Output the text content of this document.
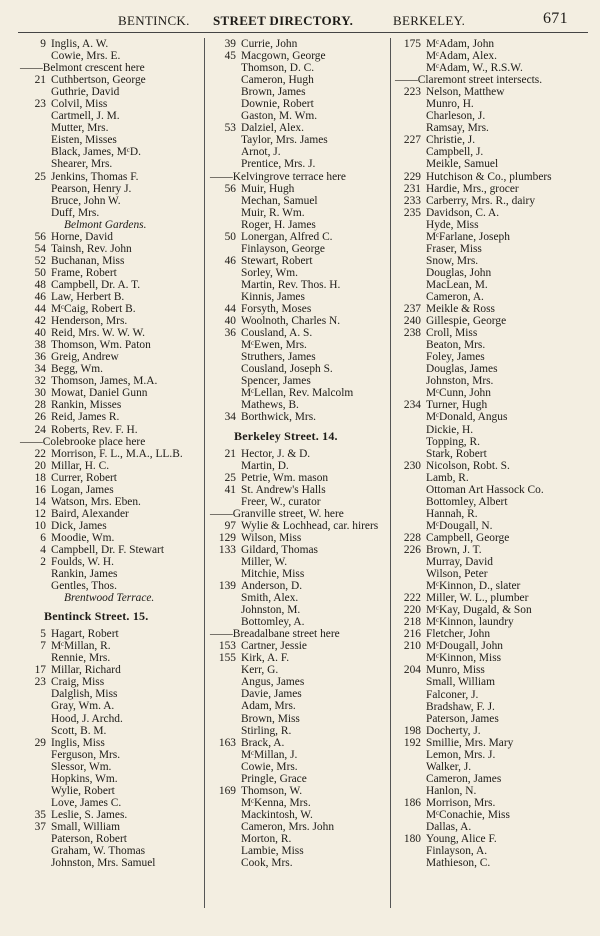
BENTINCK. STREET DIRECTORY.	BERKELEY.	671
9 Inglis, A. W.
Cowie, Mrs. E.
——Belmont crescent here
21 Cuthbertson, George
Guthrie, David
23 Colvil, Miss
Cartmell, J. M.
Mutter, Mrs.
Eisten, Misses
Black, James, MᶜD.
Shearer, Mrs.
25 Jenkins, Thomas F.
Pearson, Henry J.
Bruce, John W.
Duff, Mrs.
Belmont Gardens.
56 Horne, David
54 Tainsh, Rev. John
52 Buchanan, Miss
50 Frame, Robert
48 Campbell, Dr. A. T.
46 Law, Herbert B.
44 MᶜCaig, Robert B.
42 Henderson, Mrs.
40 Reid, Mrs. W. W. W.
38 Thomson, Wm. Paton
36 Greig, Andrew
34 Begg, Wm.
32 Thomson, James, M.A.
30 Mowat, Daniel Gunn
28 Rankin, Misses
26 Reid, James R.
24 Roberts, Rev. F. H.
——Colebrooke place here
22 Morrison, F. L., M.A., LL.B.
20 Millar, H. C.
18 Currer, Robert
16 Logan, James
14 Watson, Mrs. Eben.
12 Baird, Alexander
10 Dick, James
6 Moodie, Wm.
4 Campbell, Dr. F. Stewart
2 Foulds, W. H.
Rankin, James
Gentles, Thos.
Brentwood Terrace.
Bentinck Street. 15.
5 Hagart, Robert
7 MᶜMillan, R.
Rennie, Mrs.
17 Millar, Richard
23 Craig, Miss
Dalglish, Miss
Gray, Wm. A.
Hood, J. Archd.
Scott, B. M.
29 Inglis, Miss
Ferguson, Mrs.
Slessor, Wm.
Hopkins, Wm.
Wylie, Robert
Love, James C.
35 Leslie, S. James.
37 Small, William
Paterson, Robert
Graham, W. Thomas
Johnston, Mrs. Samuel
39 Currie, John
45 Macgown, George
Thomson, D. C.
Cameron, Hugh
Brown, James
Downie, Robert
Gaston, M. Wm.
53 Dalziel, Alex.
Taylor, Mrs. James
Arnot, J.
Prentice, Mrs. J.
——Kelvingrove terrace here
56 Muir, Hugh
Mechan, Samuel
Muir, R. Wm.
Roger, H. James
50 Lonergan, Alfred C.
Finlayson, George
46 Stewart, Robert
Sorley, Wm.
Martin, Rev. Thos. H.
Kinnis, James
44 Forsyth, Moses
40 Woolnoth, Charles N.
36 Cousland, A. S.
MᶜEwen, Mrs.
Struthers, James
Cousland, Joseph S.
Spencer, James
MᶜLellan, Rev. Malcolm
Mathews, B.
34 Borthwick, Mrs.
Berkeley Street. 14.
21 Hector, J. & D.
Martin, D.
25 Petrie, Wm. mason
41 St. Andrew's Halls
Freer, W., curator
——Granville street, W. here
97 Wylie & Lochhead, car. hirers
129 Wilson, Miss
133 Gildard, Thomas
Miller, W.
Mitchie, Miss
139 Anderson, D.
Smith, Alex.
Johnston, M.
Bottomley, A.
——Breadalbane street here
153 Cartner, Jessie
155 Kirk, A. F.
Kerr, G.
Angus, James
Davie, James
Adam, Mrs.
Brown, Miss
Stirling, R.
163 Brack, A.
MᶜMillan, J.
Cowie, Mrs.
Pringle, Grace
169 Thomson, W.
MᶜKenna, Mrs.
Mackintosh, W.
Cameron, Mrs. John
Morton, R.
Lambie, Miss
Cook, Mrs.
175 MᶜAdam, John
MᶜAdam, Alex.
MᶜAdam, W., R.S.W.
——Claremont street intersects.
223 Nelson, Matthew
Munro, H.
Charleson, J.
Ramsay, Mrs.
227 Christie, J.
Campbell, J.
Meikle, Samuel
229 Hutchison & Co., plumbers
231 Hardie, Mrs., grocer
233 Carberry, Mrs. R., dairy
235 Davidson, C. A.
Hyde, Miss
MᶜFarlane, Joseph
Fraser, Miss
Snow, Mrs.
Douglas, John
MacLean, M.
Cameron, A.
237 Meikle & Ross
240 Gillespie, George
238 Croll, Miss
Beaton, Mrs.
Foley, James
Douglas, James
Johnston, Mrs.
MᶜCunn, John
234 Turner, Hugh
MᶜDonald, Angus
Dickie, H.
Topping, R.
Stark, Robert
230 Nicolson, Robt. S.
Lamb, R.
Ottoman Art Hassock Co.
Bottomley, Albert
Hannah, R.
MᶜDougall, N.
228 Campbell, George
226 Brown, J. T.
Murray, David
Wilson, Peter
MᶜKinnon, D., slater
222 Miller, W. L., plumber
220 MᶜKay, Dugald, & Son
218 MᶜKinnon, laundry
216 Fletcher, John
210 MᶜDougall, John
MᶜKinnon, Miss
204 Munro, Miss
Small, William
Falconer, J.
Bradshaw, F. J.
Paterson, James
198 Docherty, J.
192 Smillie, Mrs. Mary
Lemon, Mrs. J.
Walker, J.
Cameron, James
Hanlon, N.
186 Morrison, Mrs.
MᶜConachie, Miss
Dallas, A.
180 Young, Alice F.
Finlayson, A.
Mathieson, C.
